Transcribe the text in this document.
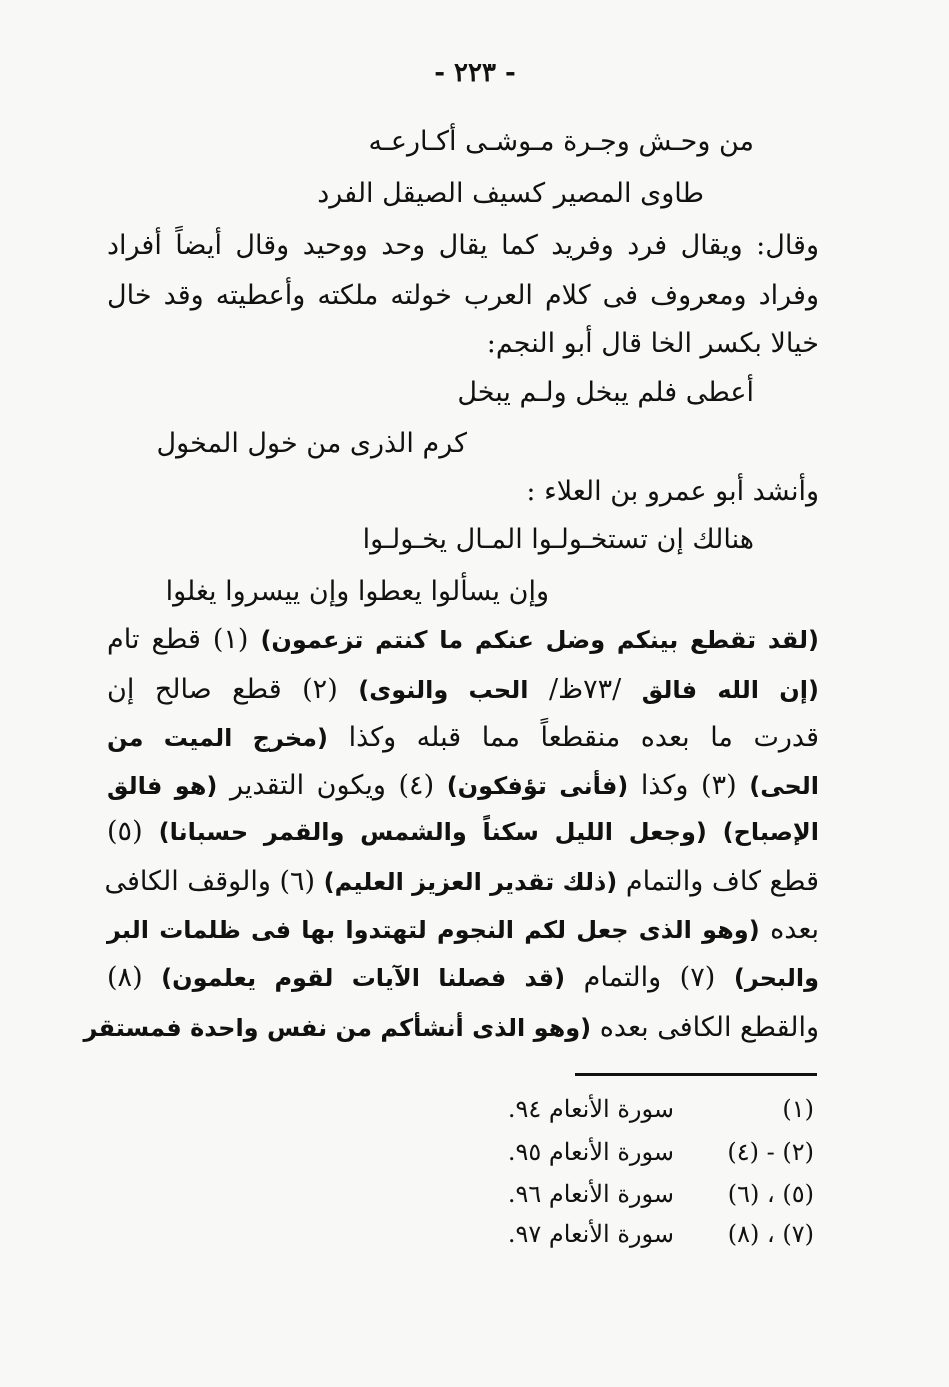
- ٢٢٣ -
من وحـش وجـرة مـوشـى أكـارعـه
طاوى المصير كسيف الصيقل الفرد
وقال: ويقال فرد وفريد كما يقال وحد ووحيد وقال أيضاً أفراد
وفراد ومعروف فى كلام العرب خولته ملكته وأعطيته وقد خال
خيالا بكسر الخا قال أبو النجم:
أعطى فلم يبخل ولـم يبخل
كرم الذرى من خول المخول
وأنشد أبو عمرو بن العلاء :
هنالك إن تستخـولـوا المـال يخـولـوا
وإن يسألوا يعطوا وإن ييسروا يغلوا
(لقد تقطع بينكم وضل عنكم ما كنتم تزعمون) (١) قطع تام
(إن الله فالق /٧٣ظ/ الحب والنوى) (٢) قطع صالح إن
قدرت ما بعده منقطعاً مما قبله وكذا (مخرج الميت من
الحى) (٣) وكذا (فأنى تؤفكون) (٤) ويكون التقدير (هو فالق
الإصباح) (وجعل الليل سكناً والشمس والقمر حسبانا) (٥)
قطع كاف والتمام (ذلك تقدير العزيز العليم) (٦) والوقف الكافى
بعده (وهو الذى جعل لكم النجوم لتهتدوا بها فى ظلمات البر
والبحر) (٧) والتمام (قد فصلنا الآيات لقوم يعلمون) (٨)
والقطع الكافى بعده (وهو الذى أنشأكم من نفس واحدة فمستقر
(١)
سورة الأنعام ٩٤.
(٢) - (٤)
سورة الأنعام ٩٥.
(٥) ، (٦)
سورة الأنعام ٩٦.
(٧) ، (٨)
سورة الأنعام ٩٧.
